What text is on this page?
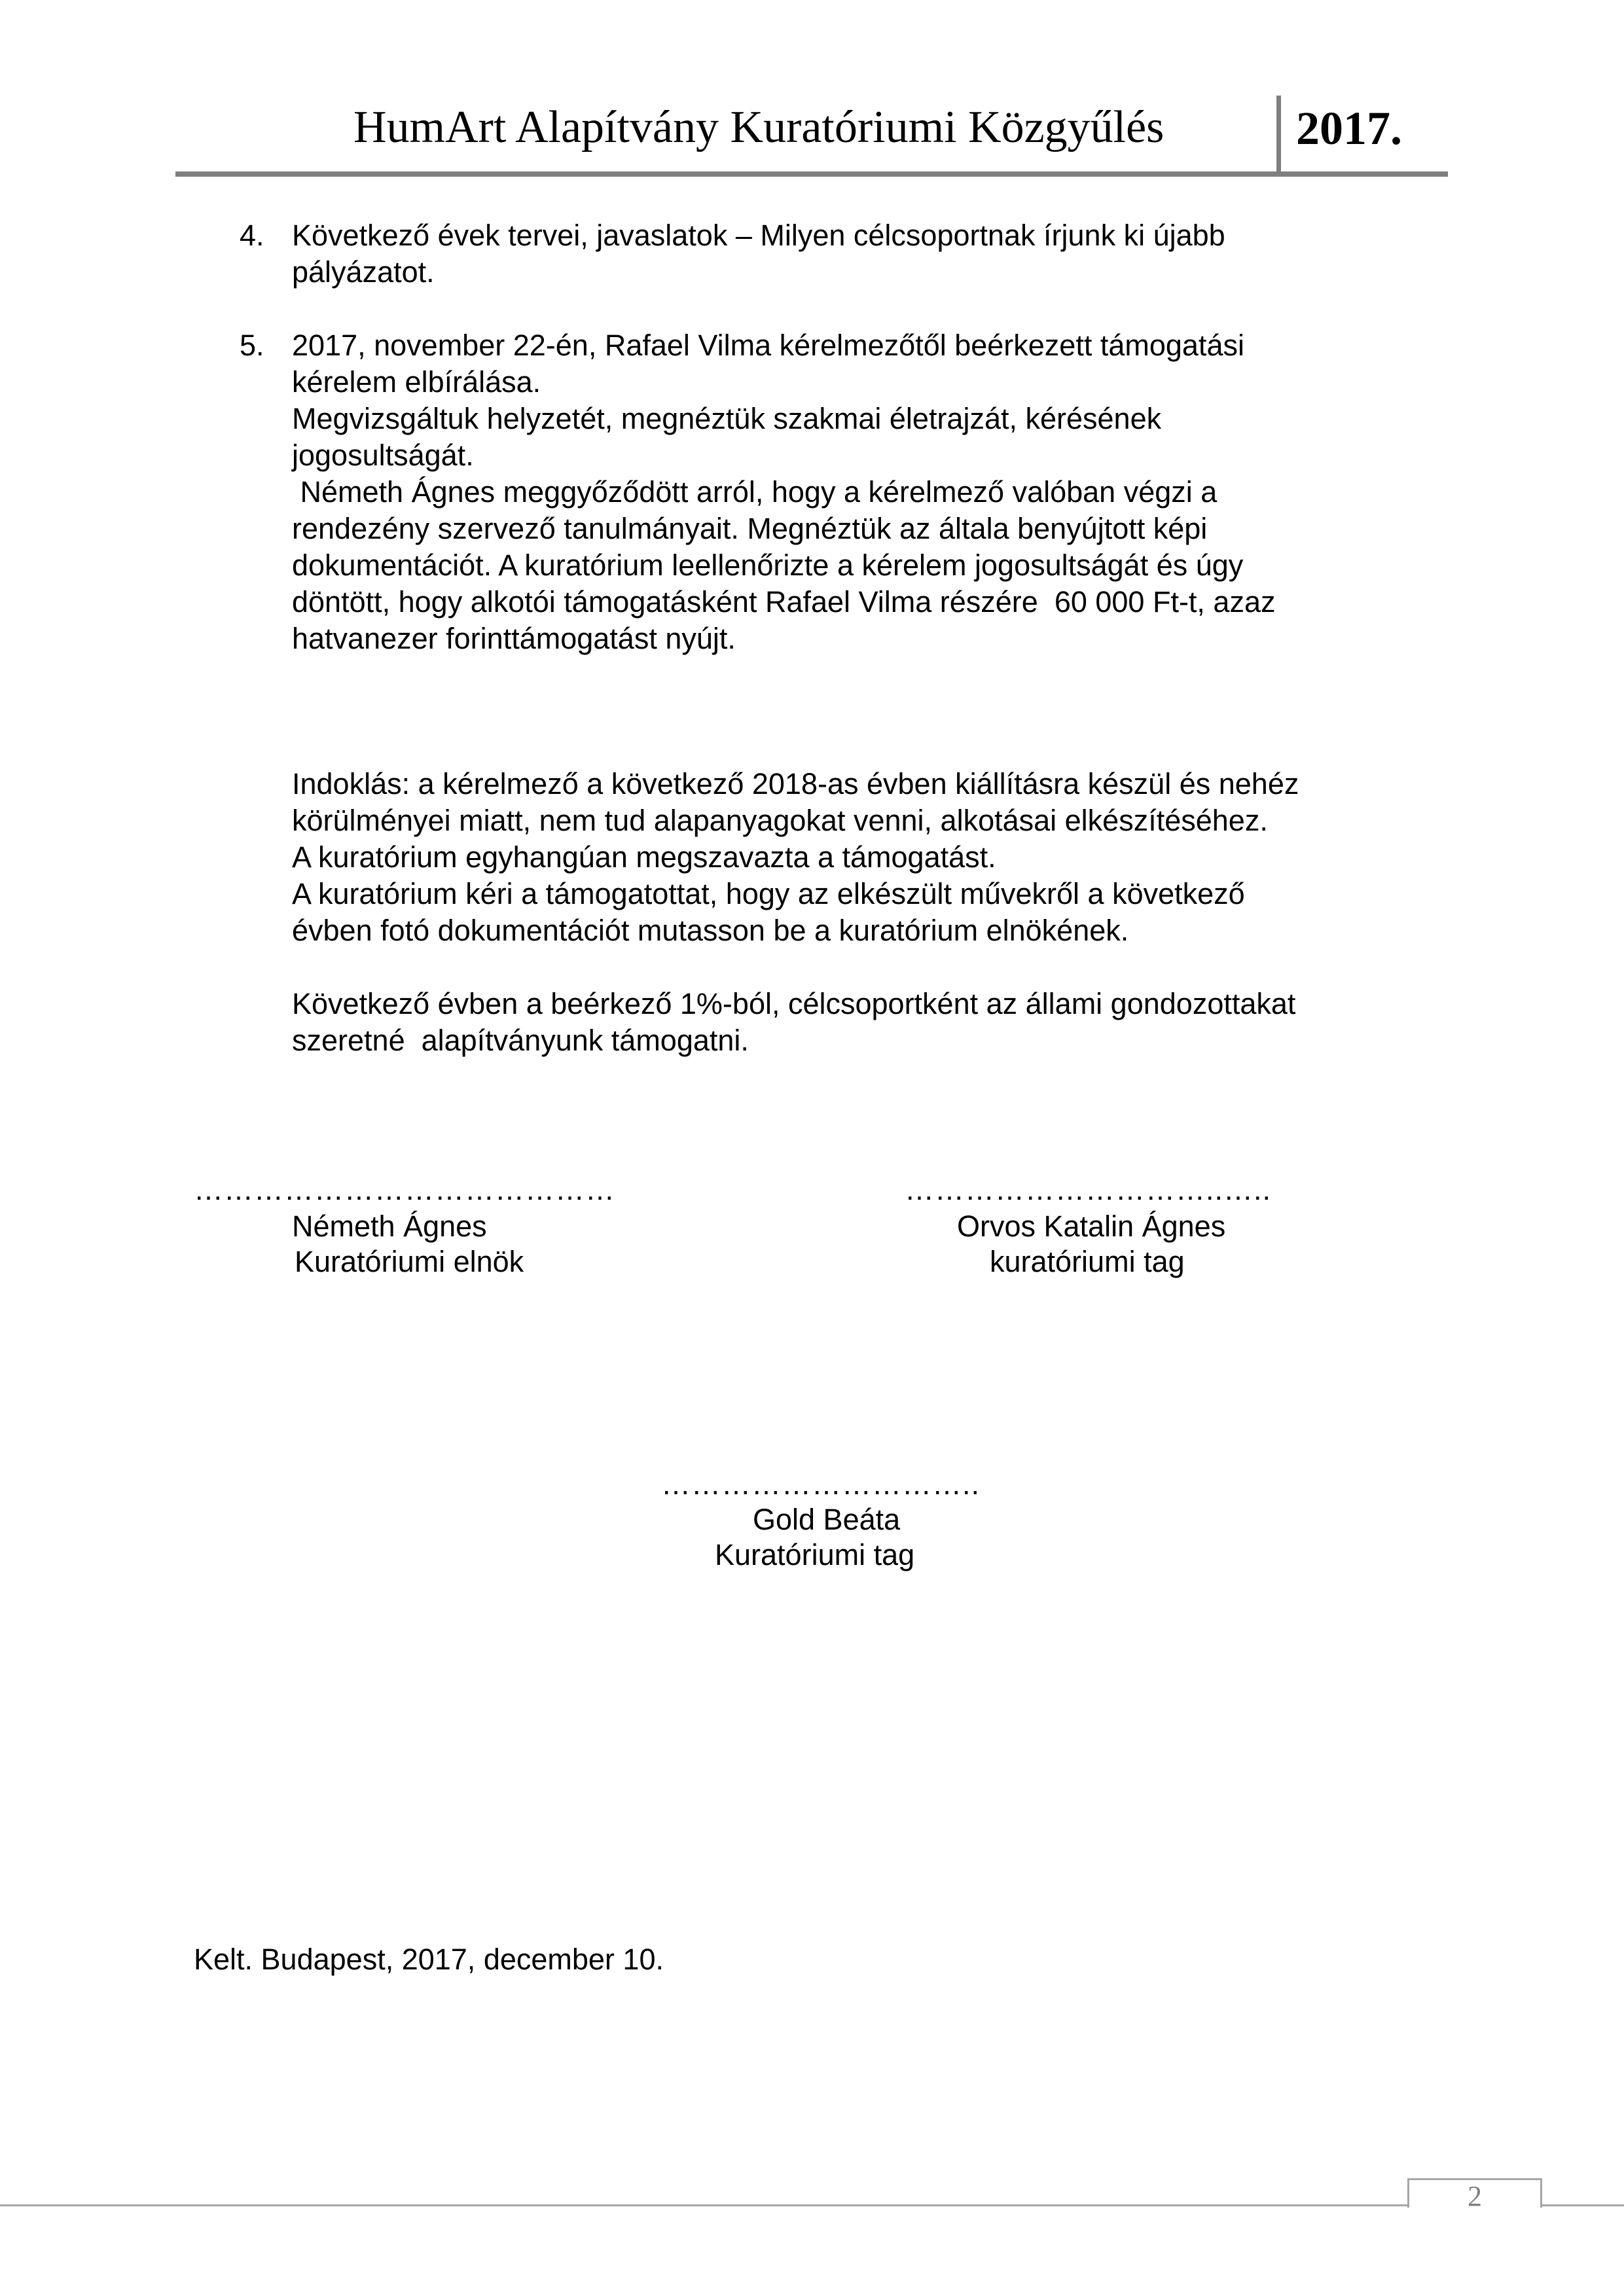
HumArt Alapítvány Kuratóriumi Közgyűlés	2017.
4. Következő évek tervei, javaslatok – Milyen célcsoportnak írjunk ki újabb

pályázatot.

5. 2017, november 22-én, Rafael Vilma kérelmezőtől beérkezett támogatási

kérelem elbírálása.

Megvizsgáltuk helyzetét, megnéztük szakmai életrajzát, kérésének

jogosultságát.

Németh Ágnes meggyőződött arról, hogy a kérelmező valóban végzi a

rendezény szervező tanulmányait. Megnéztük az általa benyújtott képi

dokumentációt. A kuratórium leellenőrizte a kérelem jogosultságát és úgy

döntött, hogy alkotói támogatásként Rafael Vilma részére  60 000 Ft-t, azaz

hatvanezer forinttámogatást nyújt.

Indoklás: a kérelmező a következő 2018-as évben kiállításra készül és nehéz

körülményei miatt, nem tud alapanyagokat venni, alkotásai elkészítéséhez.

A kuratórium egyhangúan megszavazta a támogatást.

A kuratórium kéri a támogatottat, hogy az elkészült művekről a következő

évben fotó dokumentációt mutasson be a kuratórium elnökének.

Következő évben a beérkező 1%-ból, célcsoportként az állami gondozottakat

szeretné  alapítványunk támogatni.

……………………………………
Németh Ágnes
Kuratóriumi elnök
…………………………..…..
Orvos Katalin Ágnes
kuratóriumi tag
…………………………..
Gold Beáta
Kuratóriumi tag
Kelt. Budapest, 2017, december 10.
2
